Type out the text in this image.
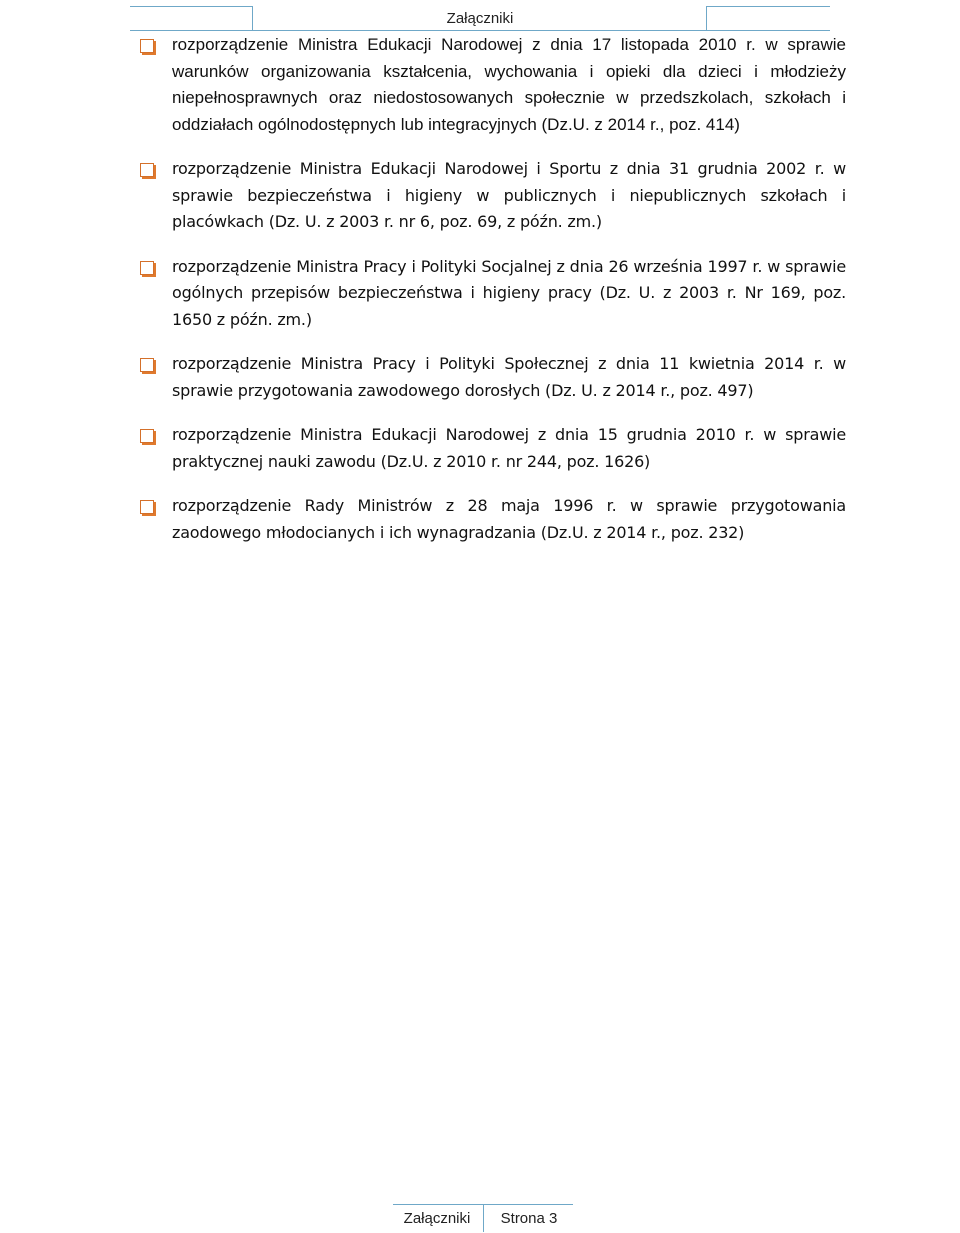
Załączniki
rozporządzenie Ministra Edukacji Narodowej z dnia 17 listopada 2010 r. w sprawie warunków organizowania kształcenia, wychowania i opieki dla dzieci i młodzieży niepełnosprawnych oraz niedostosowanych społecznie w przedszkolach, szkołach i oddziałach ogólnodostępnych lub integracyjnych (Dz.U. z 2014 r., poz. 414)
rozporządzenie Ministra Edukacji Narodowej i Sportu z dnia 31 grudnia 2002 r. w sprawie bezpieczeństwa i higieny w publicznych i niepublicznych szkołach i placówkach (Dz. U. z 2003 r. nr 6, poz. 69, z późn. zm.)
rozporządzenie Ministra Pracy i Polityki Socjalnej z dnia 26 września 1997 r. w sprawie ogólnych przepisów bezpieczeństwa i higieny pracy (Dz. U. z 2003 r. Nr 169, poz. 1650 z późn. zm.)
rozporządzenie Ministra Pracy i Polityki Społecznej z dnia 11 kwietnia 2014 r. w sprawie przygotowania zawodowego dorosłych (Dz. U. z 2014 r., poz. 497)
rozporządzenie Ministra Edukacji Narodowej z dnia 15 grudnia 2010 r. w sprawie praktycznej nauki zawodu (Dz.U. z 2010 r. nr 244, poz. 1626)
rozporządzenie Rady Ministrów z 28 maja 1996 r. w sprawie przygotowania zaodowego młodocianych i ich wynagradzania (Dz.U. z 2014 r., poz. 232)
Załączniki	Strona 3
